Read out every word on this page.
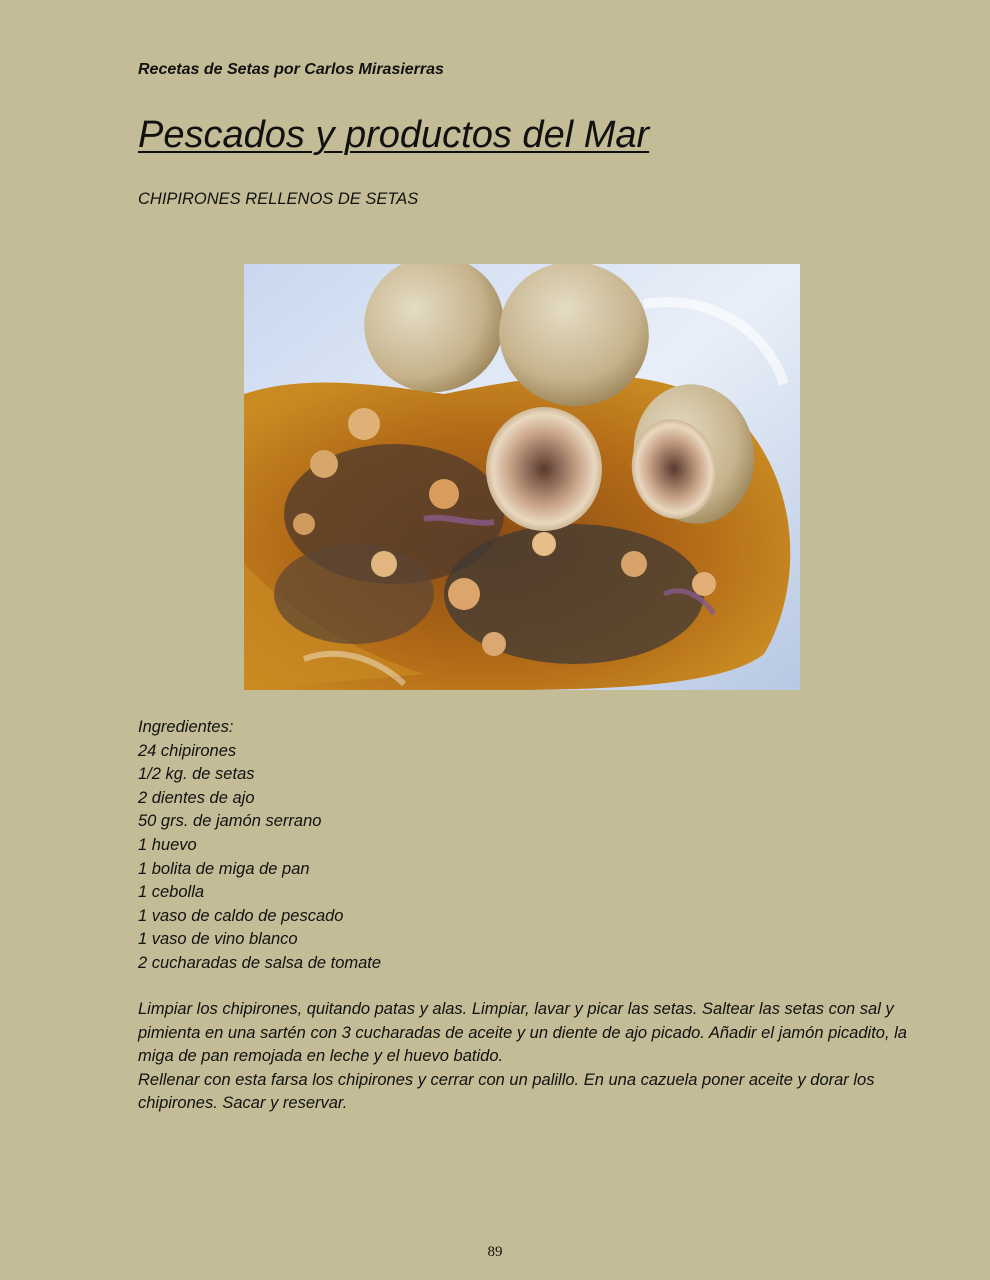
Recetas de Setas por Carlos Mirasierras
Pescados y productos del Mar
CHIPIRONES RELLENOS DE SETAS
Ingredientes:
24 chipirones
1/2 kg. de setas
2 dientes de ajo
50 grs. de jamón serrano
1 huevo
1 bolita de miga de pan
1 cebolla
1 vaso de caldo de pescado
1 vaso de vino blanco
2 cucharadas de salsa de tomate

Limpiar los chipirones, quitando patas y alas. Limpiar, lavar y picar las setas. Saltear las setas con sal y pimienta en una sartén con 3 cucharadas de aceite y un diente de ajo picado. Añadir el jamón picadito, la miga de pan remojada en leche y el huevo batido.

Rellenar con esta farsa los chipirones y cerrar con un palillo. En una cazuela poner aceite y dorar los chipirones. Sacar y reservar.

89
